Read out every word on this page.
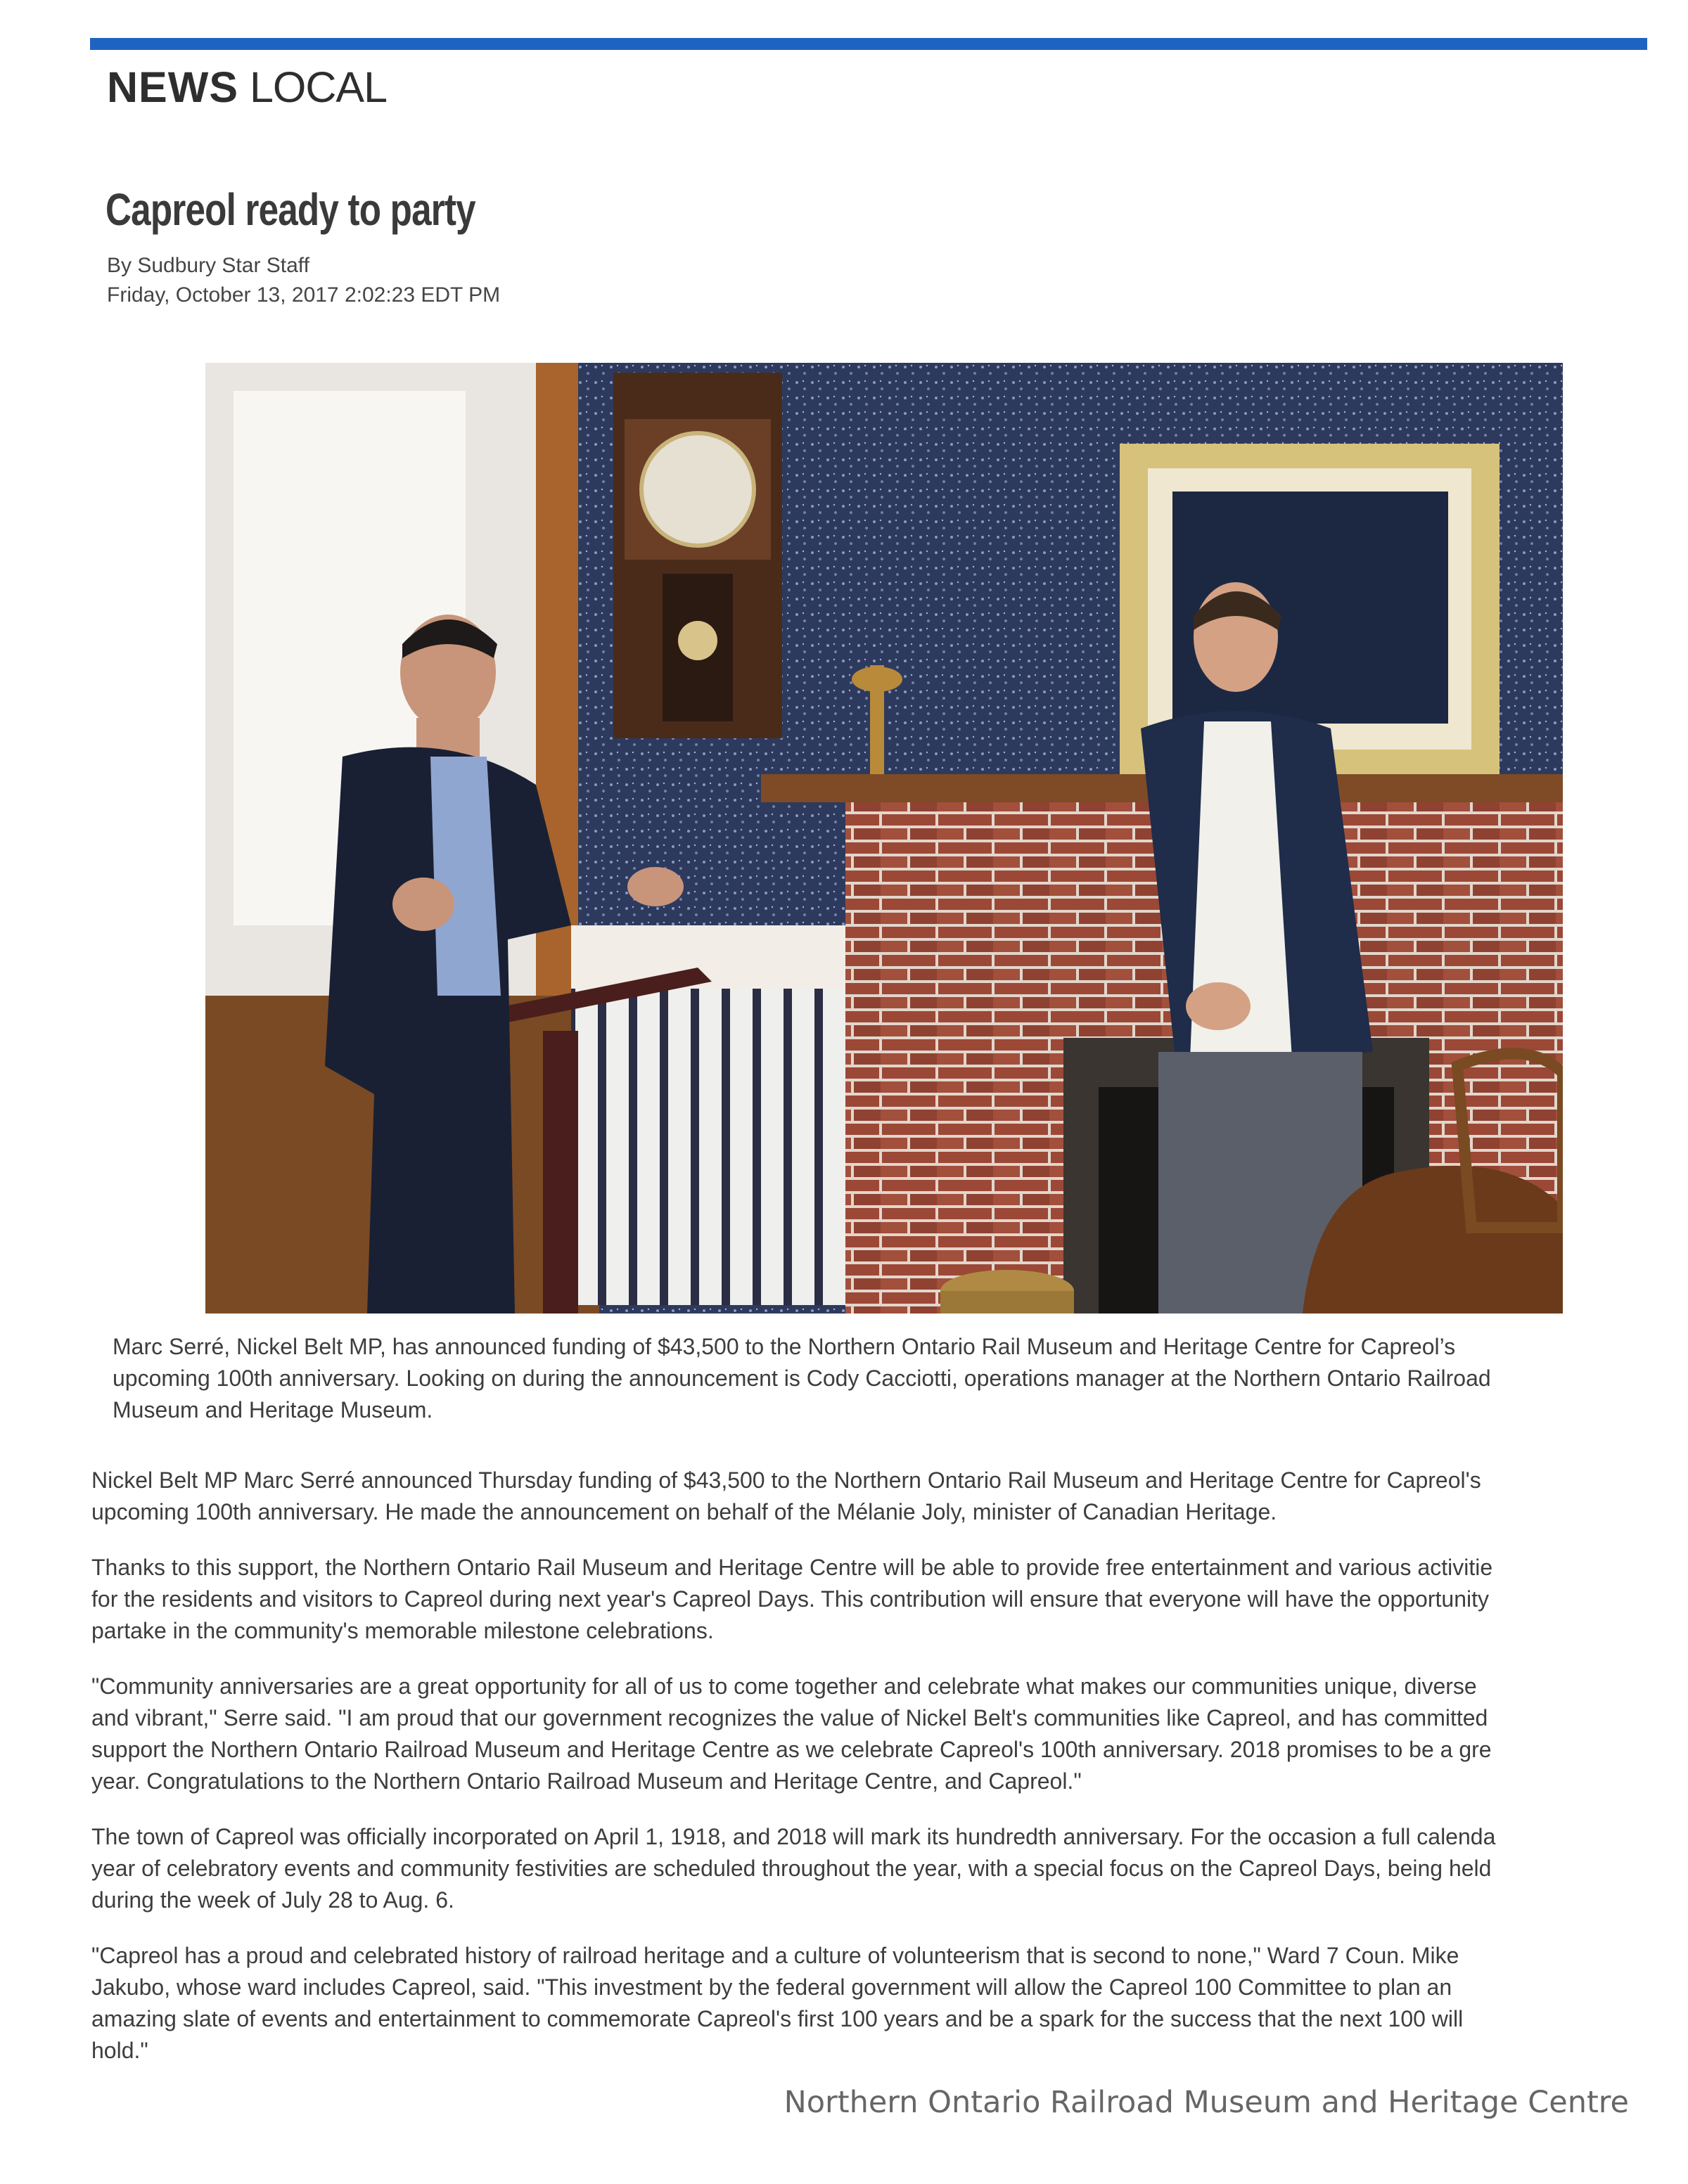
NEWS LOCAL
Capreol ready to party
By Sudbury Star Staff
Friday, October 13, 2017 2:02:23 EDT PM
Marc Serré, Nickel Belt MP, has announced funding of $43,500 to the Northern Ontario Rail Museum and Heritage Centre for Capreol’s
upcoming 100th anniversary. Looking on during the announcement is Cody Cacciotti, operations manager at the Northern Ontario Railroad
Museum and Heritage Museum.

Nickel Belt MP Marc Serré announced Thursday funding of $43,500 to the Northern Ontario Rail Museum and Heritage Centre for Capreol's
upcoming 100th anniversary. He made the announcement on behalf of the Mélanie Joly, minister of Canadian Heritage.

Thanks to this support, the Northern Ontario Rail Museum and Heritage Centre will be able to provide free entertainment and various activitie
for the residents and visitors to Capreol during next year's Capreol Days. This contribution will ensure that everyone will have the opportunity
partake in the community's memorable milestone celebrations.

"Community anniversaries are a great opportunity for all of us to come together and celebrate what makes our communities unique, diverse
and vibrant," Serre said. "I am proud that our government recognizes the value of Nickel Belt's communities like Capreol, and has committed
support the Northern Ontario Railroad Museum and Heritage Centre as we celebrate Capreol's 100th anniversary. 2018 promises to be a gre
year. Congratulations to the Northern Ontario Railroad Museum and Heritage Centre, and Capreol."

The town of Capreol was officially incorporated on April 1, 1918, and 2018 will mark its hundredth anniversary. For the occasion a full calenda
year of celebratory events and community festivities are scheduled throughout the year, with a special focus on the Capreol Days, being held
during the week of July 28 to Aug. 6.

"Capreol has a proud and celebrated history of railroad heritage and a culture of volunteerism that is second to none," Ward 7 Coun. Mike
Jakubo, whose ward includes Capreol, said. "This investment by the federal government will allow the Capreol 100 Committee to plan an
amazing slate of events and entertainment to commemorate Capreol's first 100 years and be a spark for the success that the next 100 will
hold."

Northern Ontario Railroad Museum and Heritage Centre
